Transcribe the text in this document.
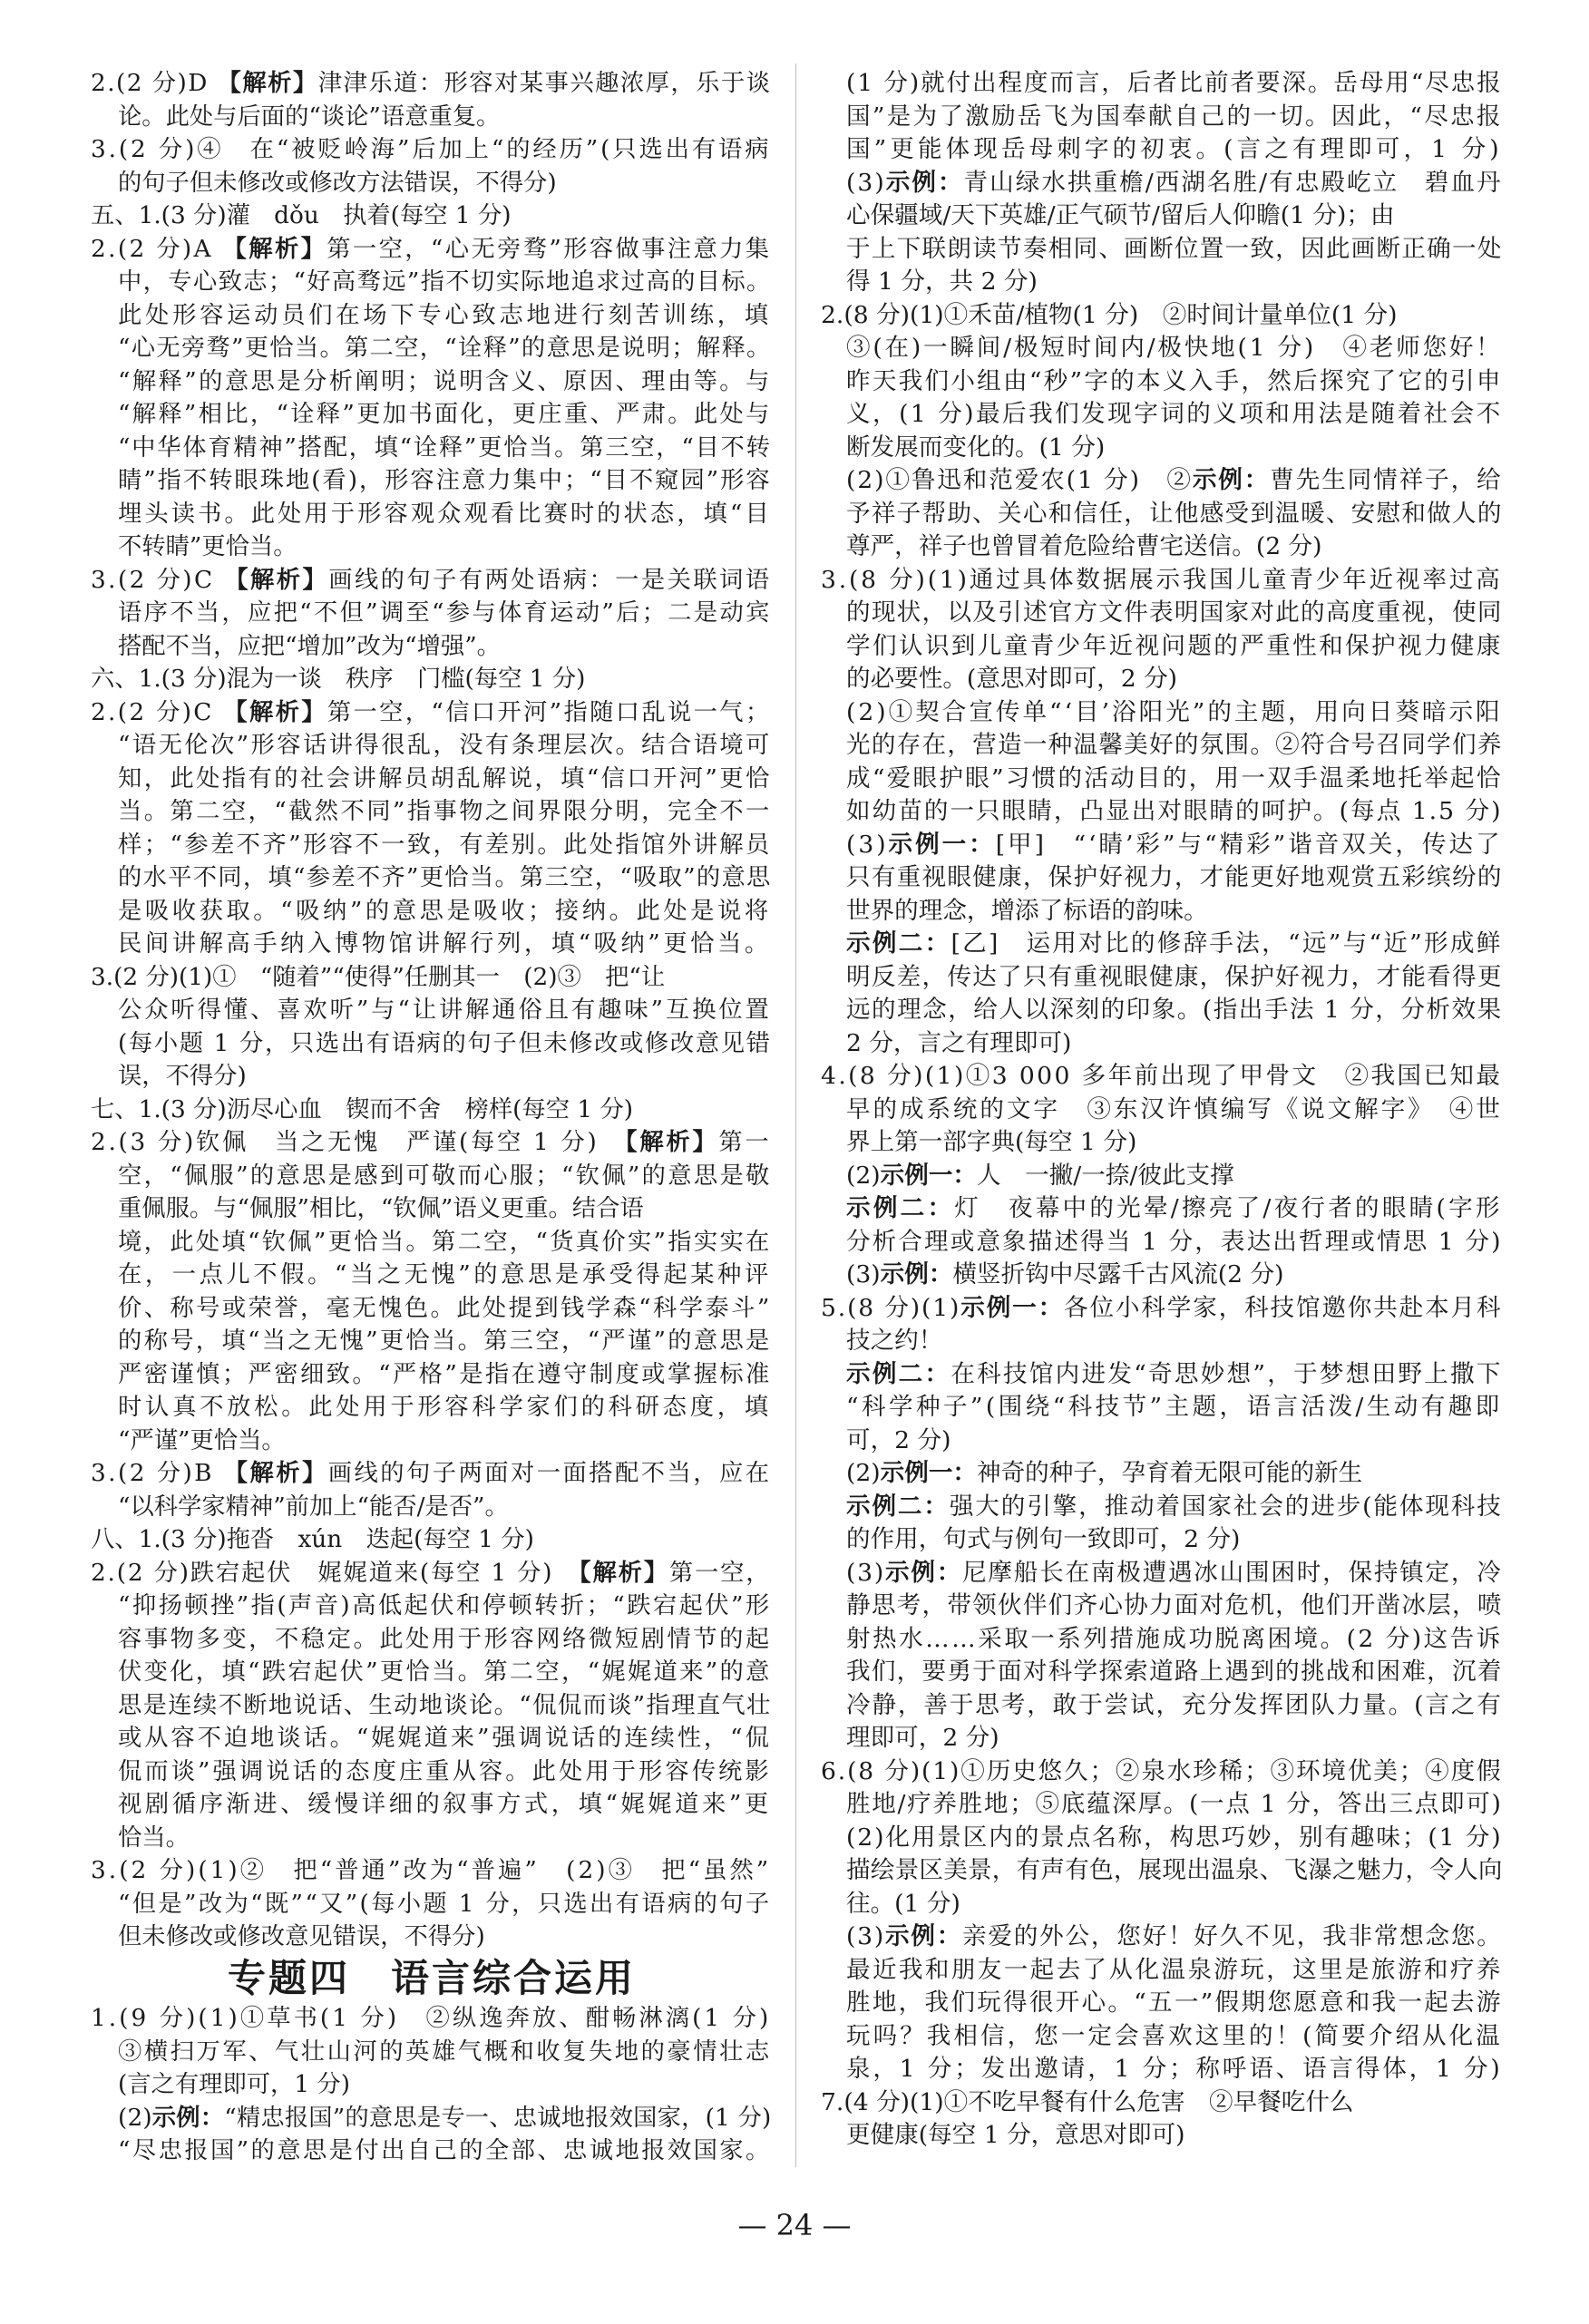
2.(2 分)D 【解析】津津乐道：形容对某事兴趣浓厚，乐于谈
论。此处与后面的“谈论”语意重复。
3.(2 分)④　在“被贬岭海”后加上“的经历”(只选出有语病
的句子但未修改或修改方法错误，不得分)
五、1.(3 分)灌　dǒu　执着(每空 1 分)
2.(2 分)A 【解析】第一空，“心无旁骛”形容做事注意力集
中，专心致志；“好高骛远”指不切实际地追求过高的目标。
此处形容运动员们在场下专心致志地进行刻苦训练，填
“心无旁骛”更恰当。第二空，“诠释”的意思是说明；解释。
“解释”的意思是分析阐明；说明含义、原因、理由等。与
“解释”相比，“诠释”更加书面化，更庄重、严肃。此处与
“中华体育精神”搭配，填“诠释”更恰当。第三空，“目不转
睛”指不转眼珠地(看)，形容注意力集中；“目不窥园”形容
埋头读书。此处用于形容观众观看比赛时的状态，填“目
不转睛”更恰当。
3.(2 分)C 【解析】画线的句子有两处语病：一是关联词语
语序不当，应把“不但”调至“参与体育运动”后；二是动宾
搭配不当，应把“增加”改为“增强”。
六、1.(3 分)混为一谈　秩序　门槛(每空 1 分)
2.(2 分)C 【解析】第一空，“信口开河”指随口乱说一气；
“语无伦次”形容话讲得很乱，没有条理层次。结合语境可
知，此处指有的社会讲解员胡乱解说，填“信口开河”更恰
当。第二空，“截然不同”指事物之间界限分明，完全不一
样；“参差不齐”形容不一致，有差别。此处指馆外讲解员
的水平不同，填“参差不齐”更恰当。第三空，“吸取”的意思
是吸收获取。“吸纳”的意思是吸收；接纳。此处是说将
民间讲解高手纳入博物馆讲解行列，填“吸纳”更恰当。
3.(2 分)(1)①　“随着”“使得”任删其一　(2)③　把“让
公众听得懂、喜欢听”与“让讲解通俗且有趣味”互换位置
(每小题 1 分，只选出有语病的句子但未修改或修改意见错
误，不得分)
七、1.(3 分)沥尽心血　锲而不舍　榜样(每空 1 分)
2.(3 分)钦佩　当之无愧　严谨(每空 1 分)　【解析】第一
空，“佩服”的意思是感到可敬而心服；“钦佩”的意思是敬
重佩服。与“佩服”相比，“钦佩”语义更重。结合语
境，此处填“钦佩”更恰当。第二空，“货真价实”指实实在
在，一点儿不假。“当之无愧”的意思是承受得起某种评
价、称号或荣誉，毫无愧色。此处提到钱学森“科学泰斗”
的称号，填“当之无愧”更恰当。第三空，“严谨”的意思是
严密谨慎；严密细致。“严格”是指在遵守制度或掌握标准
时认真不放松。此处用于形容科学家们的科研态度，填
“严谨”更恰当。
3.(2 分)B 【解析】画线的句子两面对一面搭配不当，应在
“以科学家精神”前加上“能否/是否”。
八、1.(3 分)拖沓　xún　迭起(每空 1 分)
2.(2 分)跌宕起伏　娓娓道来(每空 1 分)　【解析】第一空，
“抑扬顿挫”指(声音)高低起伏和停顿转折；“跌宕起伏”形
容事物多变，不稳定。此处用于形容网络微短剧情节的起
伏变化，填“跌宕起伏”更恰当。第二空，“娓娓道来”的意
思是连续不断地说话、生动地谈论。“侃侃而谈”指理直气壮
或从容不迫地谈话。“娓娓道来”强调说话的连续性，“侃
侃而谈”强调说话的态度庄重从容。此处用于形容传统影
视剧循序渐进、缓慢详细的叙事方式，填“娓娓道来”更
恰当。
3.(2 分)(1)②　把“普通”改为“普遍”　(2)③　把“虽然”
“但是”改为“既”“又”(每小题 1 分，只选出有语病的句子
但未修改或修改意见错误，不得分)
专题四　语言综合运用
1.(9 分)(1)①草书(1 分)　②纵逸奔放、酣畅淋漓(1 分)
③横扫万军、气壮山河的英雄气概和收复失地的豪情壮志
(言之有理即可，1 分)
(2)示例：“精忠报国”的意思是专一、忠诚地报效国家，(1 分)
“尽忠报国”的意思是付出自己的全部、忠诚地报效国家。
(1 分)就付出程度而言，后者比前者要深。岳母用“尽忠报
国”是为了激励岳飞为国奉献自己的一切。因此，“尽忠报
国”更能体现岳母刺字的初衷。(言之有理即可，1 分)
(3)示例：青山绿水拱重檐/西湖名胜/有忠殿屹立　碧血丹
心保疆域/天下英雄/正气硕节/留后人仰瞻(1 分)；由
于上下联朗读节奏相同、画断位置一致，因此画断正确一处
得 1 分，共 2 分)
2.(8 分)(1)①禾苗/植物(1 分)　②时间计量单位(1 分)
③(在)一瞬间/极短时间内/极快地(1 分)　④老师您好！
昨天我们小组由“秒”字的本义入手，然后探究了它的引申
义，(1 分)最后我们发现字词的义项和用法是随着社会不
断发展而变化的。(1 分)
(2)①鲁迅和范爱农(1 分)　②示例：曹先生同情祥子，给
予祥子帮助、关心和信任，让他感受到温暖、安慰和做人的
尊严，祥子也曾冒着危险给曹宅送信。(2 分)
3.(8 分)(1)通过具体数据展示我国儿童青少年近视率过高
的现状，以及引述官方文件表明国家对此的高度重视，使同
学们认识到儿童青少年近视问题的严重性和保护视力健康
的必要性。(意思对即可，2 分)
(2)①契合宣传单“‘目’浴阳光”的主题，用向日葵暗示阳
光的存在，营造一种温馨美好的氛围。②符合号召同学们养
成“爱眼护眼”习惯的活动目的，用一双手温柔地托举起恰
如幼苗的一只眼睛，凸显出对眼睛的呵护。(每点 1.5 分)
(3)示例一：[甲]　“‘睛’彩”与“精彩”谐音双关，传达了
只有重视眼健康，保护好视力，才能更好地观赏五彩缤纷的
世界的理念，增添了标语的韵味。
示例二：[乙]　运用对比的修辞手法，“远”与“近”形成鲜
明反差，传达了只有重视眼健康，保护好视力，才能看得更
远的理念，给人以深刻的印象。(指出手法 1 分，分析效果
2 分，言之有理即可)
4.(8 分)(1)①3 000 多年前出现了甲骨文　②我国已知最
早的成系统的文字　③东汉许慎编写《说文解字》　④世
界上第一部字典(每空 1 分)
(2)示例一：人　一撇/一捺/彼此支撑
示例二：灯　夜幕中的光晕/擦亮了/夜行者的眼睛(字形
分析合理或意象描述得当 1 分，表达出哲理或情思 1 分)
(3)示例：横竖折钩中尽露千古风流(2 分)
5.(8 分)(1)示例一：各位小科学家，科技馆邀你共赴本月科
技之约！
示例二：在科技馆内进发“奇思妙想”，于梦想田野上撒下
“科学种子”(围绕“科技节”主题，语言活泼/生动有趣即
可，2 分)
(2)示例一：神奇的种子，孕育着无限可能的新生
示例二：强大的引擎，推动着国家社会的进步(能体现科技
的作用，句式与例句一致即可，2 分)
(3)示例：尼摩船长在南极遭遇冰山围困时，保持镇定，冷
静思考，带领伙伴们齐心协力面对危机，他们开凿冰层，喷
射热水……采取一系列措施成功脱离困境。(2 分)这告诉
我们，要勇于面对科学探索道路上遇到的挑战和困难，沉着
冷静，善于思考，敢于尝试，充分发挥团队力量。(言之有
理即可，2 分)
6.(8 分)(1)①历史悠久；②泉水珍稀；③环境优美；④度假
胜地/疗养胜地；⑤底蕴深厚。(一点 1 分，答出三点即可)
(2)化用景区内的景点名称，构思巧妙，别有趣味；(1 分)
描绘景区美景，有声有色，展现出温泉、飞瀑之魅力，令人向
往。(1 分)
(3)示例：亲爱的外公，您好！好久不见，我非常想念您。
最近我和朋友一起去了从化温泉游玩，这里是旅游和疗养
胜地，我们玩得很开心。“五一”假期您愿意和我一起去游
玩吗？我相信，您一定会喜欢这里的！(简要介绍从化温
泉，1 分；发出邀请，1 分；称呼语、语言得体，1 分)
7.(4 分)(1)①不吃早餐有什么危害　②早餐吃什么
更健康(每空 1 分，意思对即可)
— 24 —
